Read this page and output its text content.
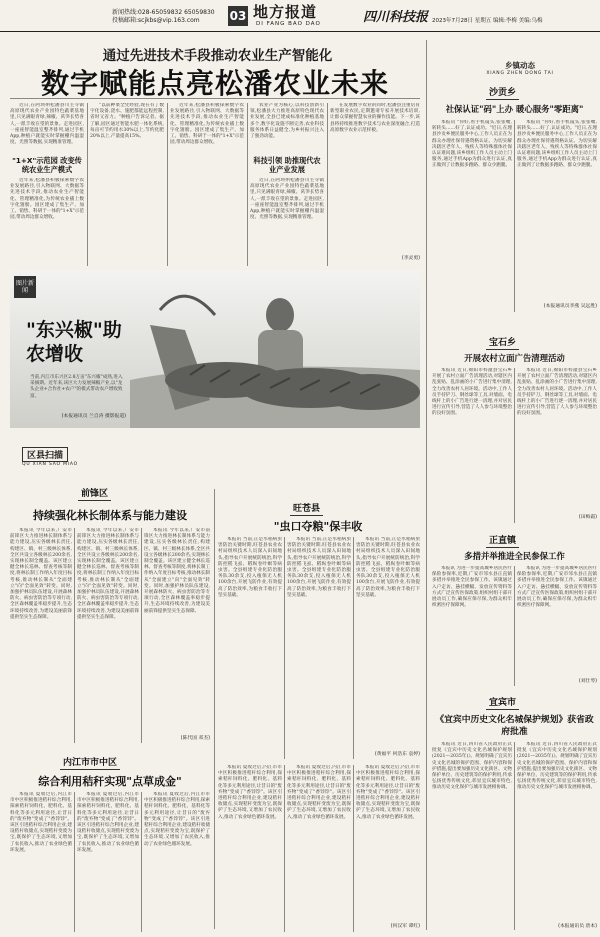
新闻热线:028-65059832 65059830
投稿邮箱:scjkbs@vip.163.com	03 地方报道
DI FANG BAO DAO	四川科技报 2023年7月28日 星期五 编辑:李梅 美编:乌梅
通过先进技术手段推动农业生产智能化
数字赋能点亮松潘农业未来

近日,在阿坝州松潘县川主寺镇高原现代农业产业园特色蔬菜基地里,只见满眼青绿,辣椒、莴笋长势喜人,一派丰收在望的景象。走进园区,一座座智能温室整齐排列,通过手机App,种植户就能实时掌握棚内温湿度、光照等数据,实现精准管理。

"1+X"示范园 改变传统农业生产模式

近年来,松潘县积极探索数字农业发展路径,引入物联网、大数据等先进技术手段,推动农业生产智能化、管理精准化,为传统农业插上数字化翅膀。园区建成了集生产、加工、销售、科研于一体的"1+X"示范园,带动周边群众增收。

"以前种菜全凭经验,现在有了数字化设备,浇水、施肥都能远程控制,省时又省力。"种植户告诉记者。据了解,园区通过智能水肥一体化系统,每亩可节约用水30%以上,节约化肥20%以上,产量提高15%。

近年来,松潘县积极探索数字农业发展路径,引入物联网、大数据等先进技术手段,推动农业生产智能化、管理精准化,为传统农业插上数字化翅膀。园区建成了集生产、加工、销售、科研于一体的"1+X"示范园,带动周边群众增收。

农业产业为核心,以科技创新引领,松潘县大力推进高原特色现代农业发展,全县已建成标准化种植基地多个,数字化设施不断完善,农业科技服务体系日益健全,为乡村振兴注入了强劲动能。

科技引领 助推现代农业产业发展

近日,在阿坝州松潘县川主寺镇高原现代农业产业园特色蔬菜基地里,只见满眼青绿,辣椒、莴笋长势喜人,一派丰收在望的景象。走进园区,一座座智能温室整齐排列,通过手机App,种植户就能实时掌握棚内温湿度、光照等数据,实现精准管理。

在发展数字农业的同时,松潘县注重培育新型职业农民,定期邀请专家开展技术培训,让群众掌握智慧农业的操作技能。下一步,该县将持续推进数字技术与农业深度融合,打造高原数字农业示范样板。

(李灵勇)
图片新闻
"东兴椒"助农增收
当前,内江市东兴区2.8万亩"东兴椒"成熟,进入采摘期。近年来,该区大力发展辣椒产业,以"龙头企业+合作社+农户"的模式带动农户增收致富。
(本报通讯员 兰自涛 摄影报道)
区县扫描
QU XIAN SAO MIAO
前锋区
持续强化林长制体系与能力建设

本报讯 今年以来,广安市前锋区大力推进林长制体系与能力建设,压实各级林长责任,构建区、镇、村三级林长体系,全区共设立各级林长200余名,实现林长制全覆盖。该区建立健全林长巡林、督查考核等制度,将林长制工作纳入年度目标考核,推动林长制从"全面建立"向"全面见效"转变。同时,加强护林员队伍建设,开展森林防火、病虫害防治等专项行动,全区森林覆盖率稳步提升,生态环境持续改善,为建设美丽前锋提供坚实生态保障。

本报讯 今年以来,广安市前锋区大力推进林长制体系与能力建设,压实各级林长责任,构建区、镇、村三级林长体系,全区共设立各级林长200余名,实现林长制全覆盖。该区建立健全林长巡林、督查考核等制度,将林长制工作纳入年度目标考核,推动林长制从"全面建立"向"全面见效"转变。同时,加强护林员队伍建设,开展森林防火、病虫害防治等专项行动,全区森林覆盖率稳步提升,生态环境持续改善,为建设美丽前锋提供坚实生态保障。

本报讯 今年以来,广安市前锋区大力推进林长制体系与能力建设,压实各级林长责任,构建区、镇、村三级林长体系,全区共设立各级林长200余名,实现林长制全覆盖。该区建立健全林长巡林、督查考核等制度,将林长制工作纳入年度目标考核,推动林长制从"全面建立"向"全面见效"转变。同时,加强护林员队伍建设,开展森林防火、病虫害防治等专项行动,全区森林覆盖率稳步提升,生态环境持续改善,为建设美丽前锋提供坚实生态保障。

(陈代国 邓杰)
旺苍县
"虫口夺粮"保丰收

本报讯 当前,正是水稻病虫害防治关键时期,旺苍县农业农村局组织技术人员深入田间地头,指导农户开展统防统治,科学防控稻飞虱、稻纵卷叶螟等病虫害。全县组建专业化防治服务队30余支,投入植保无人机100余台,开展飞防作业,有效提高了防治效率,为粮食丰收打下坚实基础。

本报讯 当前,正是水稻病虫害防治关键时期,旺苍县农业农村局组织技术人员深入田间地头,指导农户开展统防统治,科学防控稻飞虱、稻纵卷叶螟等病虫害。全县组建专业化防治服务队30余支,投入植保无人机100余台,开展飞防作业,有效提高了防治效率,为粮食丰收打下坚实基础。

本报讯 当前,正是水稻病虫害防治关键时期,旺苍县农业农村局组织技术人员深入田间地头,指导农户开展统防统治,科学防控稻飞虱、稻纵卷叶螟等病虫害。全县组建专业化防治服务队30余支,投入植保无人机100余台,开展飞防作业,有效提高了防治效率,为粮食丰收打下坚实基础。

(黄福平 何浩东 袁婷)
内江市市中区
综合利用秸秆实现"点草成金"

本报讯 夏收过后,内江市市中区积极推进秸秆综合利用,探索秸秆饲料化、肥料化、基料化等多元利用途径,让昔日的"废弃物"变成了"香饽饽"。该区引进秸秆综合利用企业,建设秸秆收储点,实现秸秆变废为宝,既保护了生态环境,又增加了农民收入,推动了农业绿色循环发展。

本报讯 夏收过后,内江市市中区积极推进秸秆综合利用,探索秸秆饲料化、肥料化、基料化等多元利用途径,让昔日的"废弃物"变成了"香饽饽"。该区引进秸秆综合利用企业,建设秸秆收储点,实现秸秆变废为宝,既保护了生态环境,又增加了农民收入,推动了农业绿色循环发展。

本报讯 夏收过后,内江市市中区积极推进秸秆综合利用,探索秸秆饲料化、肥料化、基料化等多元利用途径,让昔日的"废弃物"变成了"香饽饽"。该区引进秸秆综合利用企业,建设秸秆收储点,实现秸秆变废为宝,既保护了生态环境,又增加了农民收入,推动了农业绿色循环发展。

本报讯 夏收过后,内江市市中区积极推进秸秆综合利用,探索秸秆饲料化、肥料化、基料化等多元利用途径,让昔日的"废弃物"变成了"香饽饽"。该区引进秸秆综合利用企业,建设秸秆收储点,实现秸秆变废为宝,既保护了生态环境,又增加了农民收入,推动了农业绿色循环发展。

本报讯 夏收过后,内江市市中区积极推进秸秆综合利用,探索秸秆饲料化、肥料化、基料化等多元利用途径,让昔日的"废弃物"变成了"香饽饽"。该区引进秸秆综合利用企业,建设秸秆收储点,实现秸秆变废为宝,既保护了生态环境,又增加了农民收入,推动了农业绿色循环发展。

本报讯 夏收过后,内江市市中区积极推进秸秆综合利用,探索秸秆饲料化、肥料化、基料化等多元利用途径,让昔日的"废弃物"变成了"香饽饽"。该区引进秸秆综合利用企业,建设秸秆收储点,实现秸秆变废为宝,既保护了生态环境,又增加了农民收入,推动了农业绿色循环发展。

(何汉军 谭红)
乡镇动态
XIANG ZHEN DONG TAI
沙贡乡
社保认证"码"上办 暖心服务"零距离"

本报讯 "你好,看手机镜头,张张嘴,转转头……好了,认证成功。"近日,在理县沙贡乡便民服务中心,工作人员正在为群众办理社保待遇资格认证。为切实解决辖区老年人、残疾人等特殊群体社保认证难问题,该乡组织工作人员主动上门服务,通过手机App为群众进行认证,真正做到了让数据多跑路、群众少跑腿。

本报讯 "你好,看手机镜头,张张嘴,转转头……好了,认证成功。"近日,在理县沙贡乡便民服务中心,工作人员正在为群众办理社保待遇资格认证。为切实解决辖区老年人、残疾人等特殊群体社保认证难问题,该乡组织工作人员主动上门服务,通过手机App为群众进行认证,真正做到了让数据多跑路、群众少跑腿。

(本报通讯员李燕 吴远胜)
宝石乡
开展农村立面广告清理活动

本报讯 近日,绵阳市梓潼县宝石乡开展了农村立面广告清理活动,对辖区内乱张贴、乱涂画的小广告进行集中清理,全力改善农村人居环境。活动中,工作人员手持铲刀、钢丝球等工具,对墙面、电线杆上的小广告进行逐一清理,并对居民进行宣传引导,营造了人人参与环境整治的良好氛围。

本报讯 近日,绵阳市梓潼县宝石乡开展了农村立面广告清理活动,对辖区内乱张贴、乱涂画的小广告进行集中清理,全力改善农村人居环境。活动中,工作人员手持铲刀、钢丝球等工具,对墙面、电线杆上的小广告进行逐一清理,并对居民进行宣传引导,营造了人人参与环境整治的良好氛围。

(田梅霜)
正直镇
多措并举推进全民参保工作

本报讯 为进一步提高城乡居民医疗保险参保率,近期,广安市邻水县正直镇多措并举推进全民参保工作。该镇通过入户走访、悬挂横幅、发放宣传资料等方式广泛宣传医保政策,组织村组干部开展动员工作,确保应保尽保,为群众织牢织密医疗保障网。

本报讯 为进一步提高城乡居民医疗保险参保率,近期,广安市邻水县正直镇多措并举推进全民参保工作。该镇通过入户走访、悬挂横幅、发放宣传资料等方式广泛宣传医保政策,组织村组干部开展动员工作,确保应保尽保,为群众织牢织密医疗保障网。

(刘仕琴)
宜宾市
《宜宾中历史文化名城保护规划》获省政府批准

本报讯 近日,四川省人民政府正式批复《宜宾中历史文化名城保护规划(2021—2035年)》。规划明确了宜宾历史文化名城的保护范围、保护内容和保护措施,提出要加强历史文化街区、文物保护单位、历史建筑等的保护利用,传承弘扬优秀传统文化,彰显宜宾城市特色,推动历史文化保护与城市发展相协调。

本报讯 近日,四川省人民政府正式批复《宜宾中历史文化名城保护规划(2021—2035年)》。规划明确了宜宾历史文化名城的保护范围、保护内容和保护措施,提出要加强历史文化街区、文物保护单位、历史建筑等的保护利用,传承弘扬优秀传统文化,彰显宜宾城市特色,推动历史文化保护与城市发展相协调。

(本报通讯员 唐本)
